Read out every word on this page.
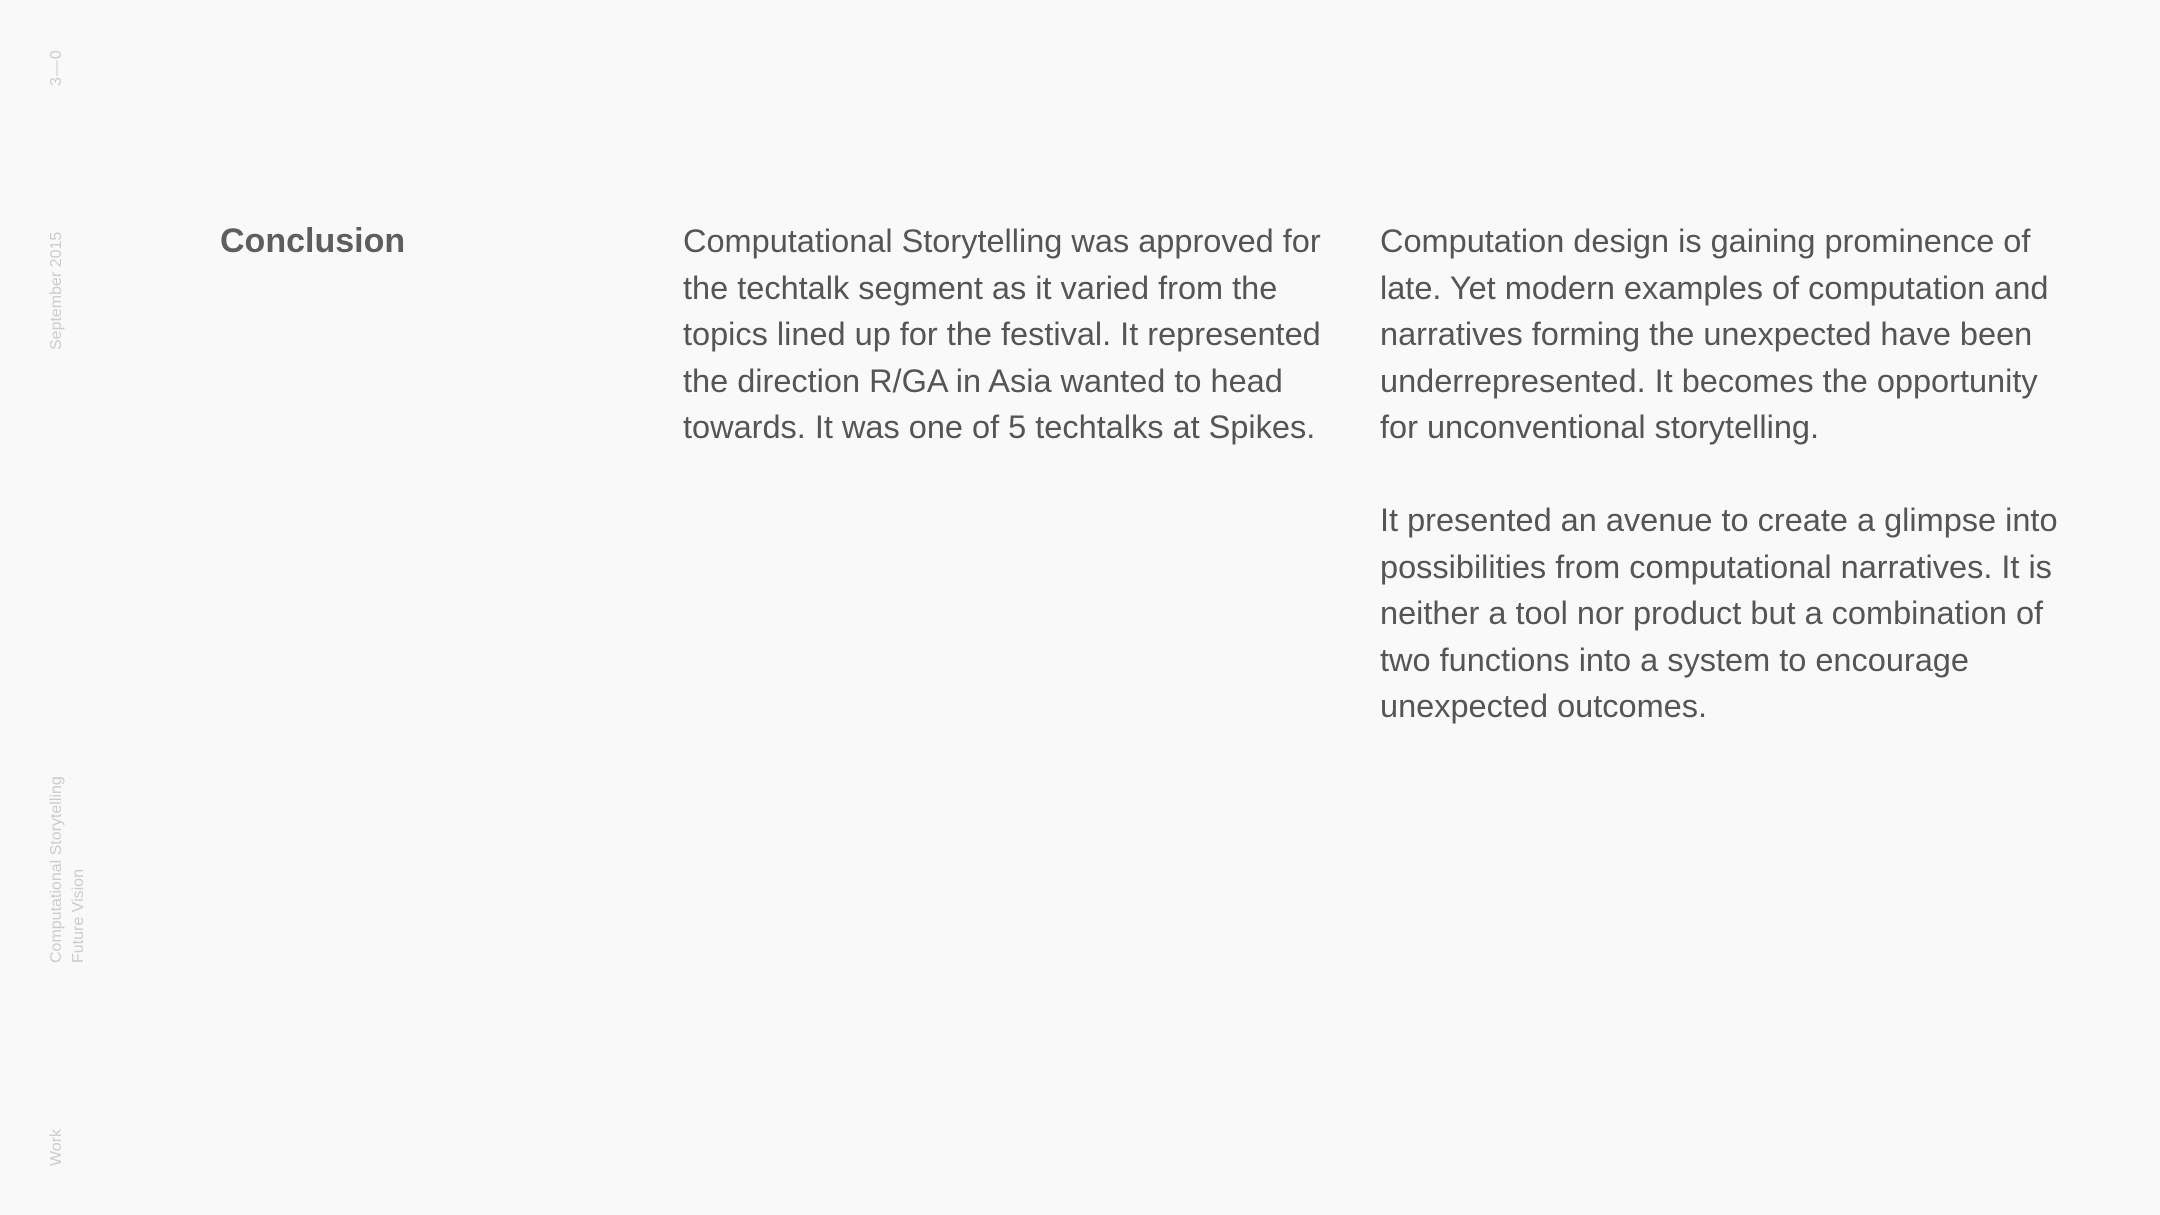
3—0
September 2015
Computational Storytelling Future Vision
Work
Conclusion	Computational Storytelling was approved for the techtalk segment as it varied from the topics lined up for the festival. It represented the direction R/GA in Asia wanted to head towards. It was one of 5 techtalks at Spikes.

Computation design is gaining prominence of late. Yet modern examples of computation and narratives forming the unexpected have been underrepresented. It becomes the opportunity for unconventional storytelling.

It presented an avenue to create a glimpse into possibilities from computational narratives. It is neither a tool nor product but a combination of two functions into a system to encourage unexpected outcomes.
